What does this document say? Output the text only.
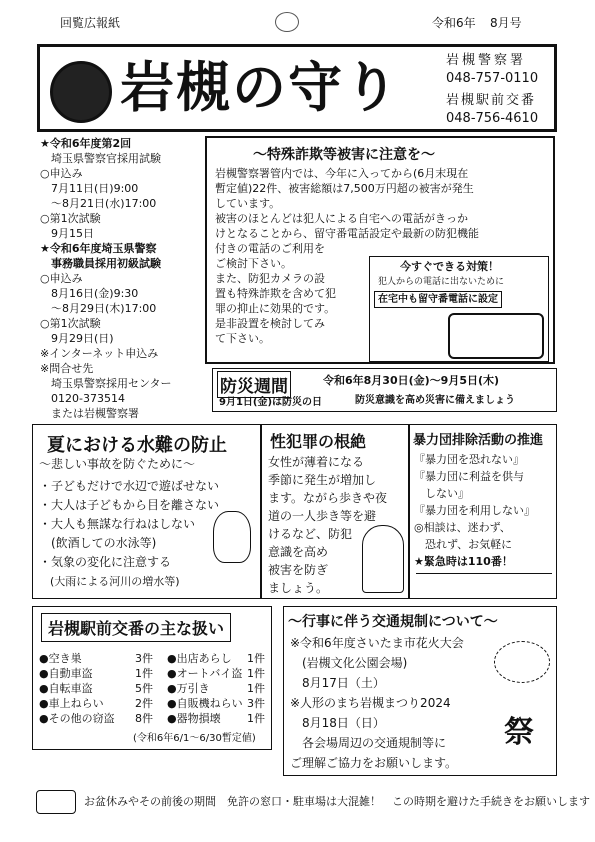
回覧広報紙	令和6年 8月号
岩槻の守り	岩槻警察署
048-757-0110
岩槻駅前交番
048-756-4610
★令和6年度第2回
　埼玉県警察官採用試験
○申込み
　7月11日(日)9:00
　～8月21日(水)17:00
○第1次試験
　9月15日
★令和6年度埼玉県警察
　事務職員採用初級試験
○申込み
　8月16日(金)9:30
　～8月29日(木)17:00
○第1次試験
　9月29日(日)
※インターネット申込み
※問合せ先
　埼玉県警察採用センター
　0120-373514
　または岩槻警察署
～特殊詐欺等被害に注意を～
岩槻警察署管内では、今年に入ってから(6月末現在
暫定値)22件、被害総額は7,500万円超の被害が発生
しています。
被害のほとんどは犯人による自宅への電話がきっか
けとなることから、留守番電話設定や最新の防犯機能
付きの電話のご利用を
ご検討下さい。
また、防犯カメラの設
置も特殊詐欺を含めて犯
罪の抑止に効果的です。
是非設置を検討してみ
て下さい。
今すぐできる対策！
犯人からの電話に出ないために
在宅中も留守番電話に設定
防災週間	令和6年8月30日(金)～9月5日(木)
9月1日(金)は防災の日	防災意識を高め災害に備えましょう
夏における水難の防止
～悲しい事故を防ぐために～
・子どもだけで水辺で遊ばせない
・大人は子どもから目を離さない
・大人も無謀な行ねはしない
　(飲酒しての水泳等)
・気象の変化に注意する
　(大雨による河川の増水等)
性犯罪の根絶
女性が薄着になる
季節に発生が増加し
ます。ながら歩きや夜
道の一人歩き等を避
けるなど、防犯
意識を高め
被害を防ぎ
ましょう。
暴力団排除活動の推進
『暴力団を恐れない』
『暴力団に利益を供与
　しない』
『暴力団を利用しない』
◎相談は、迷わず、
　恐れず、お気軽に
★緊急時は110番！
岩槻駅前交番の主な扱い
●空き巣	3件
●自動車盗	1件
●自転車盗	5件
●車上ねらい	2件
●その他の窃盗	8件
●出店あらし	1件
●オートバイ盗 1件
●万引き	1件
●自販機ねらい 3件
●器物損壊	1件
(令和6年6/1～6/30暫定値)
～行事に伴う交通規制について～
※令和6年度さいたま市花火大会
　(岩槻文化公園会場)
　8月17日（土）
※人形のまち岩槻まつり2024
　8月18日（日）
　各会場周辺の交通規制等に
ご理解ご協力をお願いします。
祭
お盆休みやその前後の期間　免許の窓口・駐車場は大混雑！　この時期を避けた手続きをお願いします
